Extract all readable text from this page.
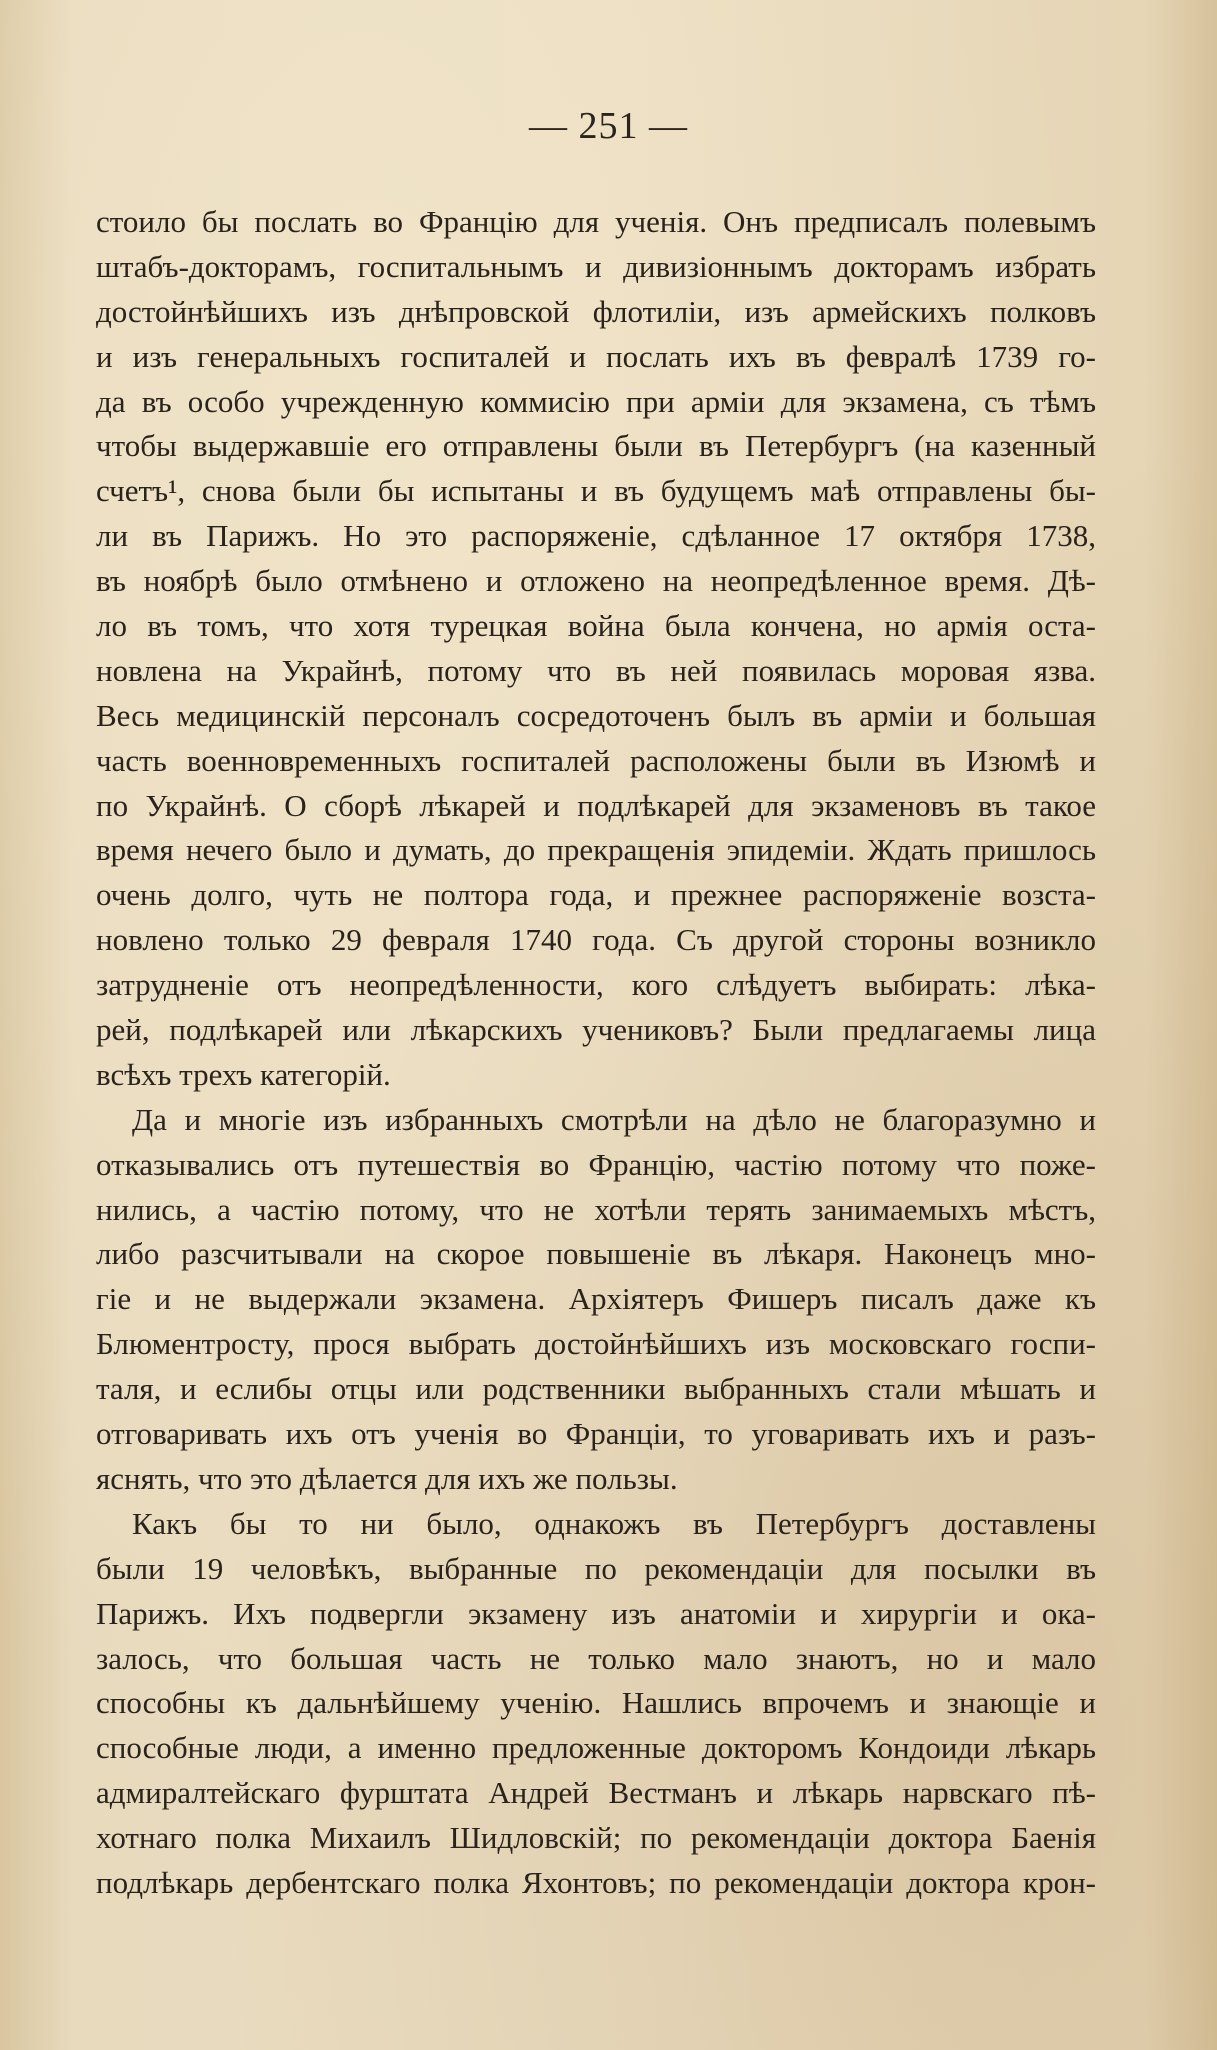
— 251 —
стоило бы послать во Францію для ученія. Онъ предписалъ полевымъ
штабъ-докторамъ, госпитальнымъ и дивизіоннымъ докторамъ избрать
достойнѣйшихъ изъ днѣпровской флотиліи, изъ армейскихъ полковъ
и изъ генеральныхъ госпиталей и послать ихъ въ февралѣ 1739 го-
да въ особо учрежденную коммисію при арміи для экзамена, съ тѣмъ
чтобы выдержавшіе его отправлены были въ Петербургъ (на казенный
счетъ¹, снова были бы испытаны и въ будущемъ маѣ отправлены бы-
ли въ Парижъ. Но это распоряженіе, сдѣланное 17 октября 1738,
въ ноябрѣ было отмѣнено и отложено на неопредѣленное время. Дѣ-
ло въ томъ, что хотя турецкая война была кончена, но армія оста-
новлена на Украйнѣ, потому что въ ней появилась моровая язва.
Весь медицинскій персоналъ сосредоточенъ былъ въ арміи и большая
часть военновременныхъ госпиталей расположены были въ Изюмѣ и
по Украйнѣ. О сборѣ лѣкарей и подлѣкарей для экзаменовъ въ такое
время нечего было и думать, до прекращенія эпидеміи. Ждать пришлось
очень долго, чуть не полтора года, и прежнее распоряженіе возста-
новлено только 29 февраля 1740 года. Съ другой стороны возникло
затрудненіе отъ неопредѣленности, кого слѣдуетъ выбирать: лѣка-
рей, подлѣкарей или лѣкарскихъ учениковъ? Были предлагаемы лица
всѣхъ трехъ категорій.
Да и многіе изъ избранныхъ смотрѣли на дѣло не благоразумно и
отказывались отъ путешествія во Францію, частію потому что поже-
нились, а частію потому, что не хотѣли терять занимаемыхъ мѣстъ,
либо разсчитывали на скорое повышеніе въ лѣкаря. Наконецъ мно-
гіе и не выдержали экзамена. Архіятеръ Фишеръ писалъ даже къ
Блюментросту, прося выбрать достойнѣйшихъ изъ московскаго госпи-
таля, и еслибы отцы или родственники выбранныхъ стали мѣшать и
отговаривать ихъ отъ ученія во Франціи, то уговаривать ихъ и разъ-
яснять, что это дѣлается для ихъ же пользы.
Какъ бы то ни было, однакожъ въ Петербургъ доставлены
были 19 человѣкъ, выбранные по рекомендаціи для посылки въ
Парижъ. Ихъ подвергли экзамену изъ анатоміи и хирургіи и ока-
залось, что большая часть не только мало знаютъ, но и мало
способны къ дальнѣйшему ученію. Нашлись впрочемъ и знающіе и
способные люди, а именно предложенные докторомъ Кондоиди лѣкарь
адмиралтейскаго фурштата Андрей Вестманъ и лѣкарь нарвскаго пѣ-
хотнаго полка Михаилъ Шидловскій; по рекомендаціи доктора Баенія
подлѣкарь дербентскаго полка Яхонтовъ; по рекомендаціи доктора крон-
